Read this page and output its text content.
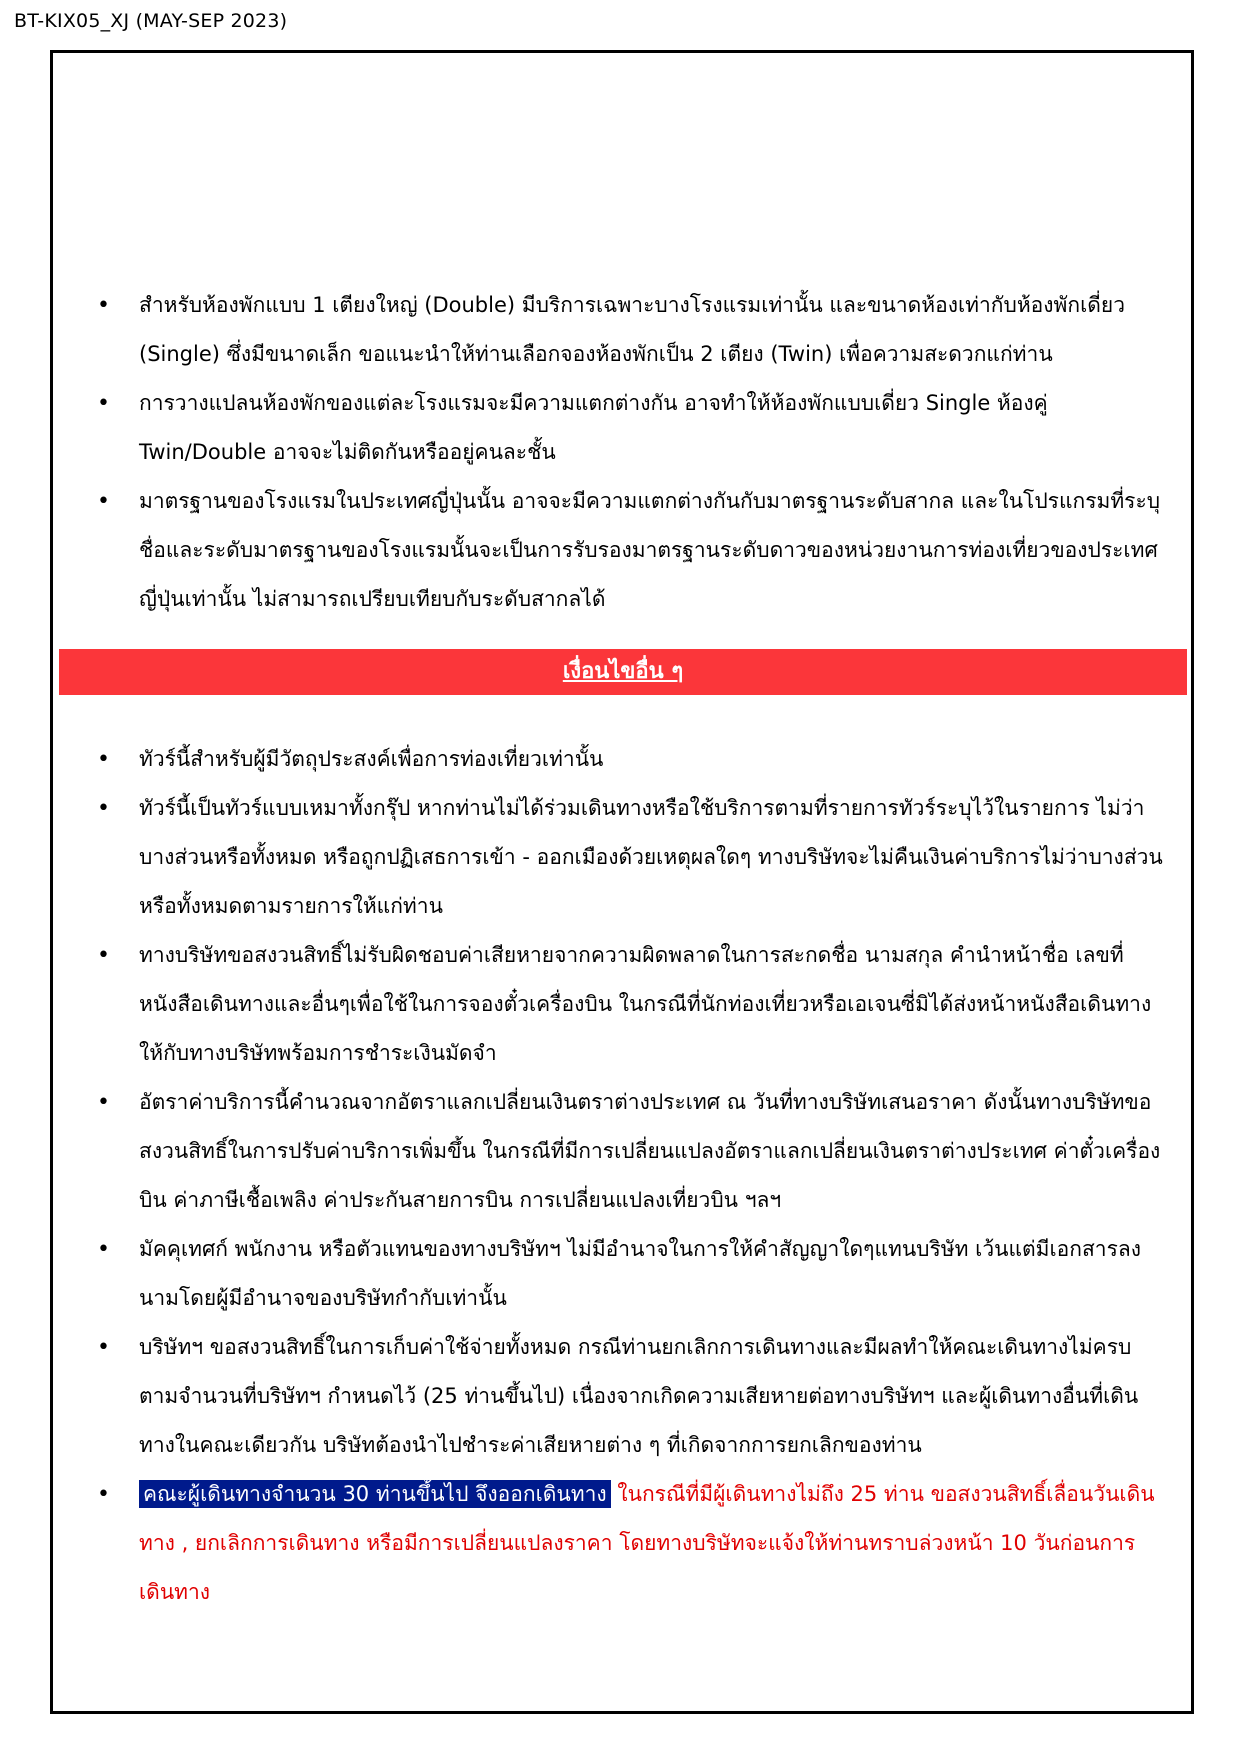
BT-KIX05_XJ (MAY-SEP 2023)
• สำหรับห้องพักแบบ 1 เตียงใหญ่ (Double) มีบริการเฉพาะบางโรงแรมเท่านั้น และขนาดห้องเท่ากับห้องพักเดี่ยว (Single) ซึ่งมีขนาดเล็ก ขอแนะนำให้ท่านเลือกจองห้องพักเป็น 2 เตียง (Twin) เพื่อความสะดวกแก่ท่าน
• การวางแปลนห้องพักของแต่ละโรงแรมจะมีความแตกต่างกัน อาจทำให้ห้องพักแบบเดี่ยว Single ห้องคู่ Twin/Double อาจจะไม่ติดกันหรืออยู่คนละชั้น
• มาตรฐานของโรงแรมในประเทศญี่ปุ่นนั้น อาจจะมีความแตกต่างกันกับมาตรฐานระดับสากล และในโปรแกรมที่ระบุชื่อและระดับมาตรฐานของโรงแรมนั้นจะเป็นการรับรองมาตรฐานระดับดาวของหน่วยงานการท่องเที่ยวของประเทศญี่ปุ่นเท่านั้น ไม่สามารถเปรียบเทียบกับระดับสากลได้
เงื่อนไขอื่น ๆ
• ทัวร์นี้สำหรับผู้มีวัตถุประสงค์เพื่อการท่องเที่ยวเท่านั้น
• ทัวร์นี้เป็นทัวร์แบบเหมาทั้งกรุ๊ป หากท่านไม่ได้ร่วมเดินทางหรือใช้บริการตามที่รายการทัวร์ระบุไว้ในรายการ ไม่ว่าบางส่วนหรือทั้งหมด หรือถูกปฏิเสธการเข้า - ออกเมืองด้วยเหตุผลใดๆ ทางบริษัทจะไม่คืนเงินค่าบริการไม่ว่าบางส่วนหรือทั้งหมดตามรายการให้แก่ท่าน
• ทางบริษัทขอสงวนสิทธิ์ไม่รับผิดชอบค่าเสียหายจากความผิดพลาดในการสะกดชื่อ นามสกุล คำนำหน้าชื่อ เลขที่หนังสือเดินทางและอื่นๆเพื่อใช้ในการจองตั๋วเครื่องบิน ในกรณีที่นักท่องเที่ยวหรือเอเจนซี่มิได้ส่งหน้าหนังสือเดินทางให้กับทางบริษัทพร้อมการชำระเงินมัดจำ
• อัตราค่าบริการนี้คำนวณจากอัตราแลกเปลี่ยนเงินตราต่างประเทศ ณ วันที่ทางบริษัทเสนอราคา ดังนั้นทางบริษัทขอสงวนสิทธิ์ในการปรับค่าบริการเพิ่มขึ้น ในกรณีที่มีการเปลี่ยนแปลงอัตราแลกเปลี่ยนเงินตราต่างประเทศ ค่าตั๋วเครื่องบิน ค่าภาษีเชื้อเพลิง ค่าประกันสายการบิน การเปลี่ยนแปลงเที่ยวบิน ฯลฯ
• มัคคุเทศก์ พนักงาน หรือตัวแทนของทางบริษัทฯ ไม่มีอำนาจในการให้คำสัญญาใดๆแทนบริษัท เว้นแต่มีเอกสารลงนามโดยผู้มีอำนาจของบริษัทกำกับเท่านั้น
• บริษัทฯ ขอสงวนสิทธิ์ในการเก็บค่าใช้จ่ายทั้งหมด กรณีท่านยกเลิกการเดินทางและมีผลทำให้คณะเดินทางไม่ครบตามจำนวนที่บริษัทฯ กำหนดไว้ (25 ท่านขึ้นไป) เนื่องจากเกิดความเสียหายต่อทางบริษัทฯ และผู้เดินทางอื่นที่เดินทางในคณะเดียวกัน บริษัทต้องนำไปชำระค่าเสียหายต่าง ๆ ที่เกิดจากการยกเลิกของท่าน
• คณะผู้เดินทางจำนวน 30 ท่านขึ้นไป จึงออกเดินทาง ในกรณีที่มีผู้เดินทางไม่ถึง 25 ท่าน ขอสงวนสิทธิ์เลื่อนวันเดินทาง , ยกเลิกการเดินทาง หรือมีการเปลี่ยนแปลงราคา โดยทางบริษัทจะแจ้งให้ท่านทราบล่วงหน้า 10 วันก่อนการเดินทาง
